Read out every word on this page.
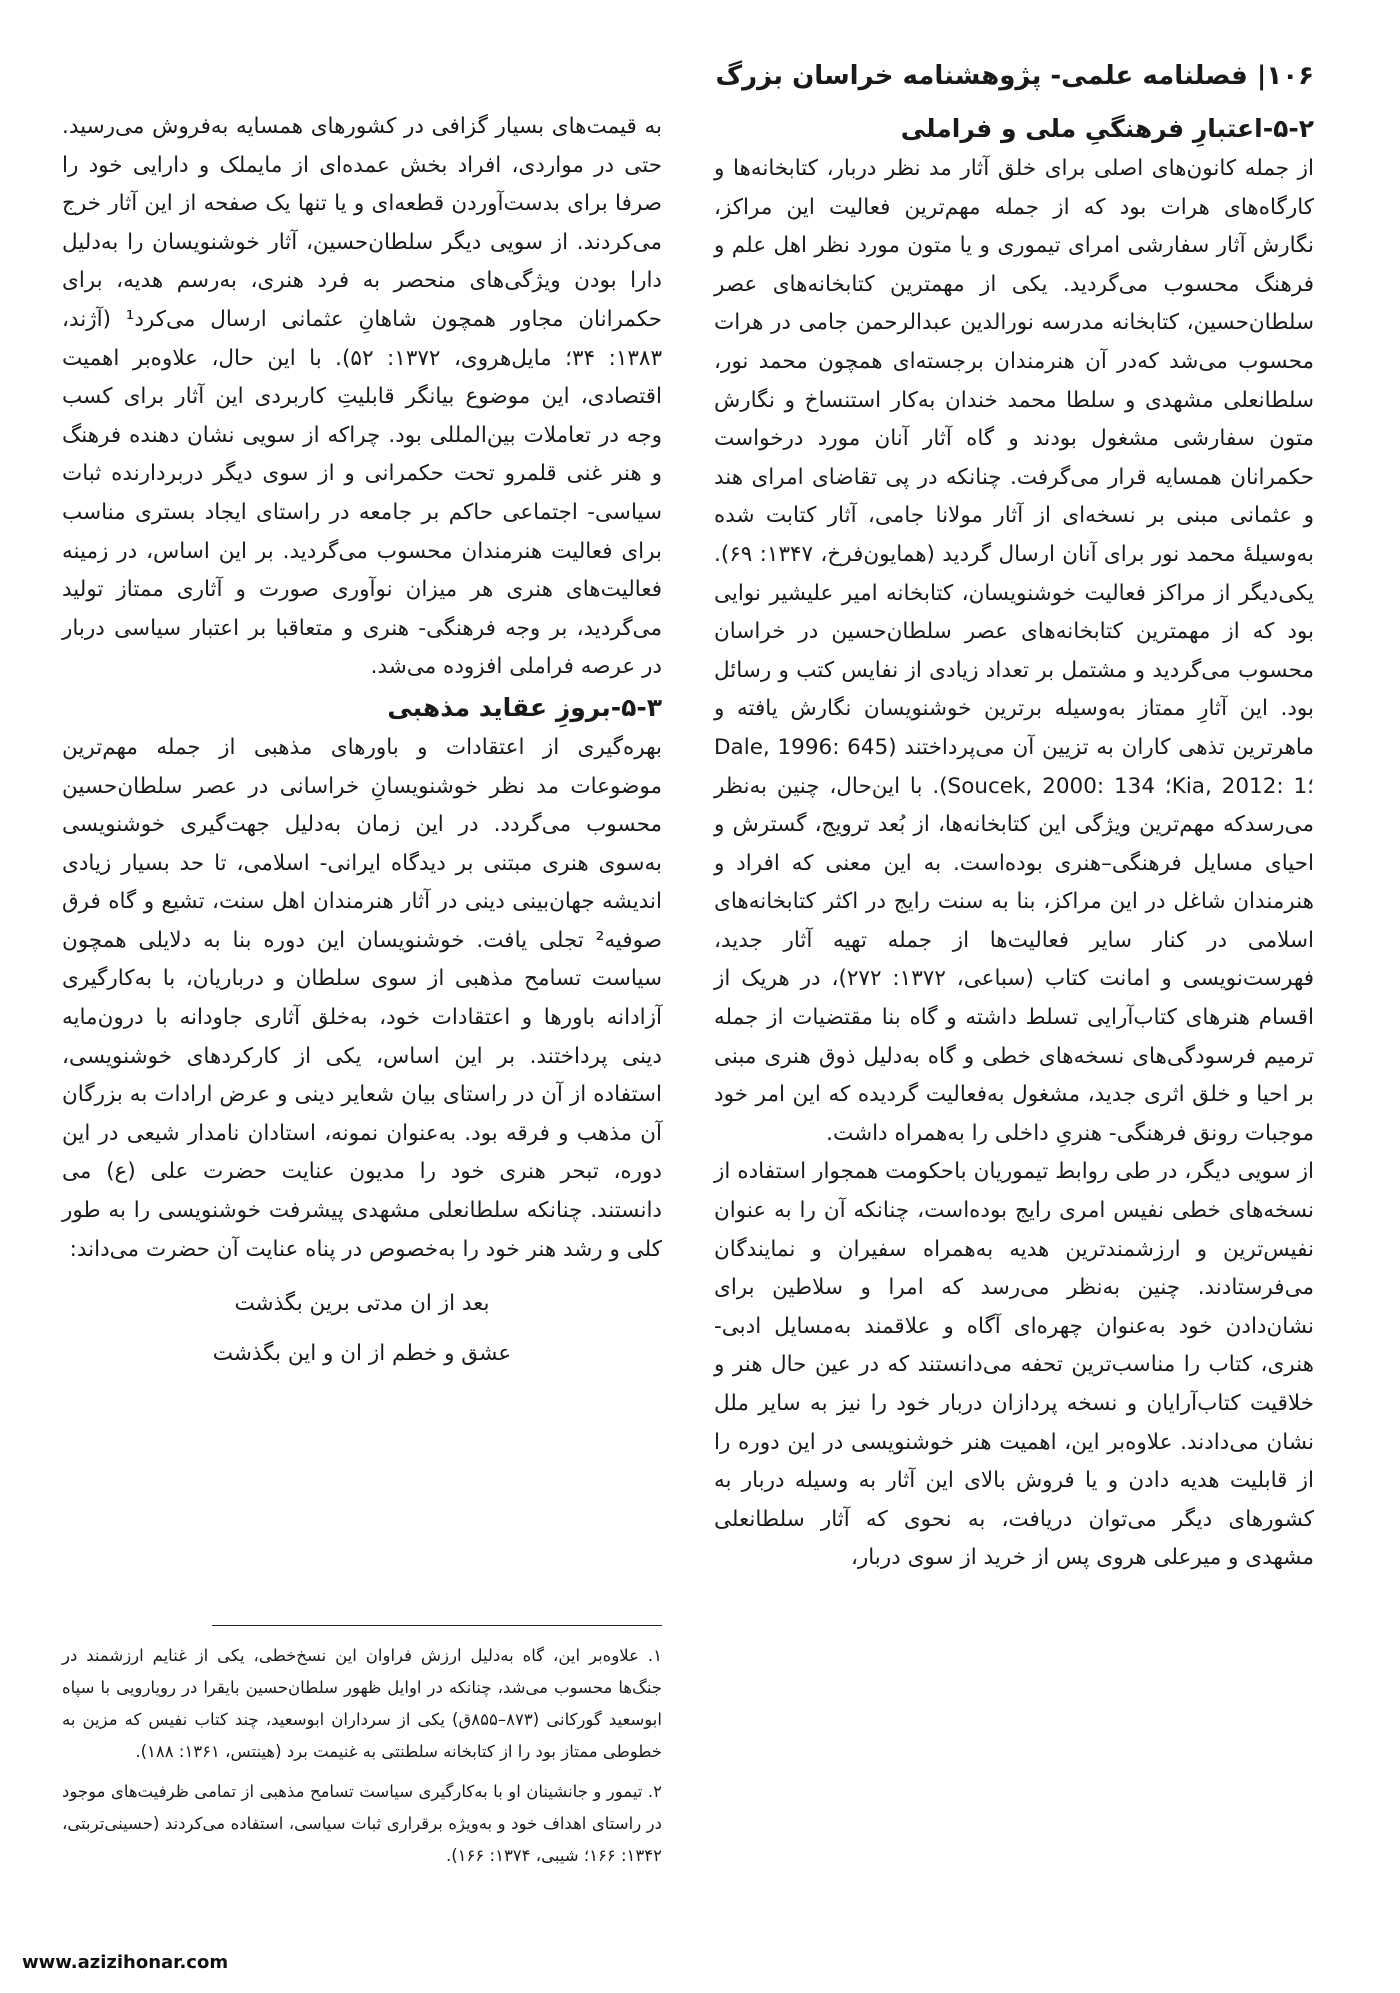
۱۰۶| فصلنامه علمی- پژوهشنامه خراسان بزرگ
۵-۲-اعتبارِ فرهنگیِ ملی و فراملی

از جمله کانون‌های اصلی برای خلق آثار مد نظر دربار، کتابخانه‌ها و کارگاه‌های هرات بود که از جمله مهم‌ترین فعالیت این مراکز، نگارش آثار سفارشی امرای تیموری و یا متون مورد نظر اهل علم و فرهنگ محسوب می‌گردید. یکی از مهمترین کتابخانه‌های عصر سلطان‌حسین، کتابخانه مدرسه نورالدین عبدالرحمن جامی در هرات محسوب می‌شد که‌در آن هنرمندان برجسته‌ای همچون محمد نور، سلطانعلی مشهدی و سلطا محمد خندان به‌کار استنساخ و نگارش متون سفارشی مشغول بودند و گاه آثار آنان مورد درخواست حکمرانان همسایه قرار می‌گرفت. چنانکه در پی تقاضای امرای هند و عثمانی مبنی بر نسخه‌ای از آثار مولانا جامی، آثار کتابت شده به‌وسیلۀ محمد نور برای آنان ارسال گردید (همایون‌فرخ، ۱۳۴۷: ۶۹). یکی‌دیگر از مراکز فعالیت خوشنویسان، کتابخانه امیر علیشیر نوایی بود که از مهمترین کتابخانه‌های عصر سلطان‌حسین در خراسان محسوب می‌گردید و مشتمل بر تعداد زیادی از نفایس کتب و رسائل بود. این آثارِ ممتاز به‌وسیله برترین خوشنویسان نگارش یافته و ماهرترین تذهی کاران به تزیین آن می‌پرداختند (Dale, 1996: 645 ؛Kia, 2012: 1؛ Soucek, 2000: 134). با این‌حال، چنین به‌نظر می‌رسد‌که مهم‌ترین ویژگی این کتابخانه‌ها، از بُعد ترویج، گسترش و احیای مسایل فرهنگی–هنری بوده‌است. به این معنی که افراد و هنرمندان شاغل در این مراکز، بنا به سنت رایج در اکثر کتابخانه‌های اسلامی در کنار سایر فعالیت‌ها از جمله تهیه آثار جدید، فهرست‌نویسی و امانت کتاب (سباعی، ۱۳۷۲: ۲۷۲)، در هریک از اقسام هنرهای کتاب‌آرایی تسلط داشته و گاه بنا مقتضیات از جمله ترمیم فرسودگی‌های نسخه‌های خطی و گاه به‌دلیل ذوق هنری مبنی بر احیا و خلق اثری جدید، مشغول به‌فعالیت گردیده که این امر خود موجبات رونق فرهنگی- هنریِ داخلی را به‌همراه داشت.

از سویی دیگر، در طی روابط تیموریان باحکومت همجوار استفاده از نسخه‌های خطی نفیس امری رایج بوده‌است، چنانکه آن را به عنوان نفیس‌ترین و ارزشمندترین هدیه به‌همراه سفیران و نمایندگان می‌فرستادند. چنین به‌نظر می‌رسد که امرا و سلاطین برای نشان‌دادن خود به‌عنوان چهره‌ای آگاه و علاقمند به‌مسایل ادبی- هنری، کتاب را مناسب‌ترین تحفه می‌دانستند که در عین حال هنر و خلاقیت کتاب‌آرایان و نسخه پردازان دربار خود را نیز به سایر ملل نشان می‌دادند. علاوه‌بر این، اهمیت هنر خوشنویسی در این دوره را از قابلیت هدیه دادن و یا فروش بالای این آثار به وسیله دربار به کشورهای دیگر می‌توان دریافت، به نحوی که آثار سلطانعلی مشهدی و میرعلی هروی پس از خرید از سوی دربار،

به قیمت‌های بسیار گزافی در کشورهای همسایه به‌فروش می‌رسید. حتی در مواردی، افراد بخش عمده‌ای از مایملک و دارایی خود را صرفا برای بدست‌آوردن قطعه‌ای و یا تنها یک صفحه از این آثار خرج می‌کردند. از سویی دیگر سلطان‌حسین، آثار خوشنویسان را به‌دلیل دارا بودن ویژگی‌های منحصر به فرد هنری، به‌رسم هدیه، برای حکمرانان مجاور همچون شاهانِ عثمانی ارسال می‌کرد¹ (آژند، ۱۳۸۳: ۳۴؛ مایل‌هروی، ۱۳۷۲: ۵۲). با این حال، علاوه‌بر اهمیت اقتصادی، این موضوع بیانگر قابلیتِ کاربردی این آثار برای کسب وجه در تعاملات بین‌المللی بود. چراکه از سویی نشان دهنده فرهنگ و هنر غنی قلمرو تحت حکمرانی و از سوی دیگر دربردارنده ثبات سیاسی- اجتماعی حاکم بر جامعه در راستای ایجاد بستری مناسب برای فعالیت هنرمندان محسوب می‌گردید. بر این اساس، در زمینه فعالیت‌های هنری هر میزان نوآوری صورت و آثاری ممتاز تولید می‌گردید، بر وجه فرهنگی- هنری و متعاقبا بر اعتبار سیاسی دربار در عرصه فراملی افزوده می‌شد.

۵-۳-بروزِ عقاید مذهبی

بهره‌گیری از اعتقادات و باورهای مذهبی از جمله مهم‌ترین موضوعات مد نظر خوشنویسانِ خراسانی در عصر سلطان‌حسین محسوب می‌گردد. در این زمان به‌دلیل جهت‌گیری خوشنویسی به‌سوی هنری مبتنی بر دیدگاه ایرانی- اسلامی، تا حد بسیار زیادی اندیشه جهان‌بینی دینی در آثار هنرمندان اهل سنت، تشیع و گاه فرق صوفیه² تجلی یافت. خوشنویسان این دوره بنا به دلایلی همچون سیاست تسامح مذهبی از سوی سلطان و درباریان، با به‌کارگیری آزادانه باورها و اعتقادات خود، به‌خلق آثاری جاودانه با درون‌مایه دینی پرداختند. بر این اساس، یکی از کارکردهای خوشنویسی، استفاده از آن در راستای بیان شعایر دینی و عرض ارادات به بزرگان آن مذهب و فرقه بود. به‌عنوان نمونه، استادان نامدار شیعی در این دوره، تبحر هنری خود را مدیون عنایت حضرت علی (ع) می دانستند. چنانکه سلطانعلی مشهدی پیشرفت خوشنویسی را به طور کلی و رشد هنر خود را به‌خصوص در پناه عنایت آن حضرت می‌داند:

بعد از ان مدتی برین بگذشت
عشق و خطم از ان و این بگذشت

۱. علاوه‌بر این، گاه به‌دلیل ارزش فراوان این نسخ‌خطی، یکی از غنایم ارزشمند در جنگ‌ها محسوب می‌شد، چنانکه در اوایل ظهور سلطان‌حسین بایقرا در رویارویی با سپاه ابوسعید گورکانی (۸۷۳–۸۵۵ق) یکی از سرداران ابوسعید، چند کتاب نفیس که مزین به خطوطی ممتاز بود را از کتابخانه سلطنتی به غنیمت برد (هینتس، ۱۳۶۱: ۱۸۸).

۲. تیمور و جانشینان او با به‌کارگیری سیاست تسامح مذهبی از تمامی ظرفیت‌های موجود در راستای اهداف خود و به‌ویژه برقراری ثبات سیاسی، استفاده می‌کردند (حسینی‌تربتی، ۱۳۴۲: ۱۶۶؛ شیبی، ۱۳۷۴: ۱۶۶).

www.azizihonar.com
